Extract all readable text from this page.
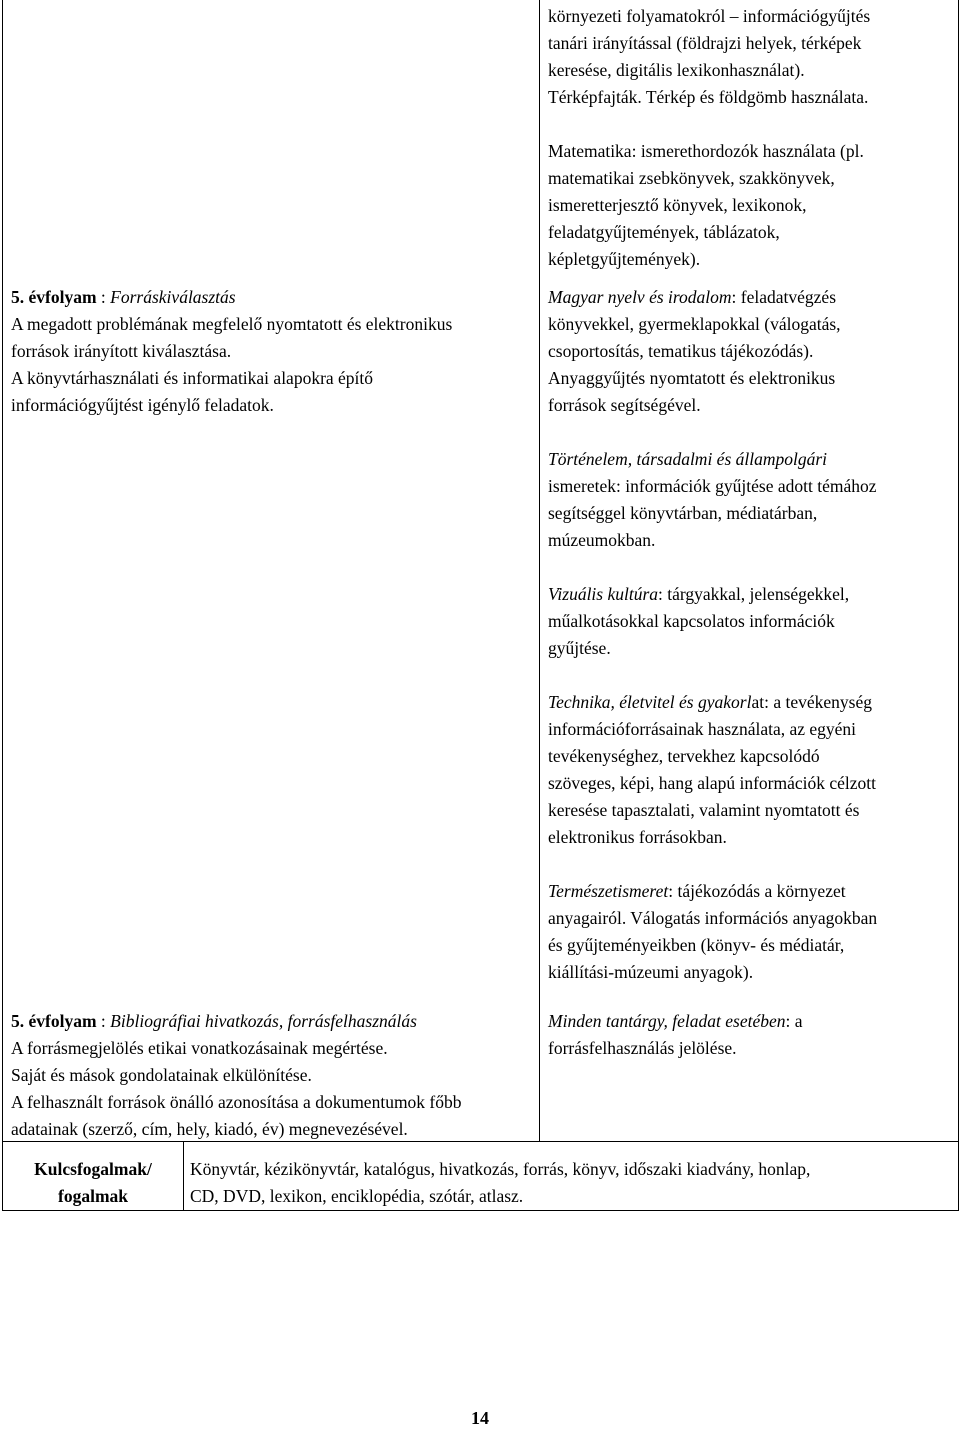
környezeti folyamatokról – információgyűjtés

tanári irányítással (földrajzi helyek, térképek

keresése, digitális lexikonhasználat).

Térképfajták. Térkép és földgömb használata.

Matematika: ismerethordozók használata (pl.

matematikai zsebkönyvek, szakkönyvek,

ismeretterjesztő könyvek, lexikonok,

feladatgyűjtemények, táblázatok,

képletgyűjtemények).

5. évfolyam : Forráskiválasztás

A megadott problémának megfelelő nyomtatott és elektronikus

források irányított kiválasztása.

A könyvtárhasználati és informatikai alapokra építő

információgyűjtést igénylő feladatok.

Magyar nyelv és irodalom: feladatvégzés

könyvekkel, gyermeklapokkal (válogatás,

csoportosítás, tematikus tájékozódás).

Anyaggyűjtés nyomtatott és elektronikus

források segítségével.

Történelem, társadalmi és állampolgári

ismeretek: információk gyűjtése adott témához

segítséggel könyvtárban, médiatárban,

múzeumokban.

Vizuális kultúra: tárgyakkal, jelenségekkel,

műalkotásokkal kapcsolatos információk

gyűjtése.

Technika, életvitel és gyakorlat: a tevékenység

információforrásainak használata, az egyéni

tevékenységhez, tervekhez kapcsolódó

szöveges, képi, hang alapú információk célzott

keresése tapasztalati, valamint nyomtatott és

elektronikus forrásokban.

Természetismeret: tájékozódás a környezet

anyagairól. Válogatás információs anyagokban

és gyűjteményeikben (könyv- és médiatár,

kiállítási-múzeumi anyagok).

5. évfolyam : Bibliográfiai hivatkozás, forrásfelhasználás

A forrásmegjelölés etikai vonatkozásainak megértése.

Saját és mások gondolatainak elkülönítése.

A felhasznált források önálló azonosítása a dokumentumok főbb

adatainak (szerző, cím, hely, kiadó, év) megnevezésével.

Minden tantárgy, feladat esetében: a

forrásfelhasználás jelölése.

Kulcsfogalmak/
fogalmak
Könyvtár, kézikönyvtár, katalógus, hivatkozás, forrás, könyv, időszaki kiadvány, honlap,
CD, DVD, lexikon, enciklopédia, szótár, atlasz.
14
